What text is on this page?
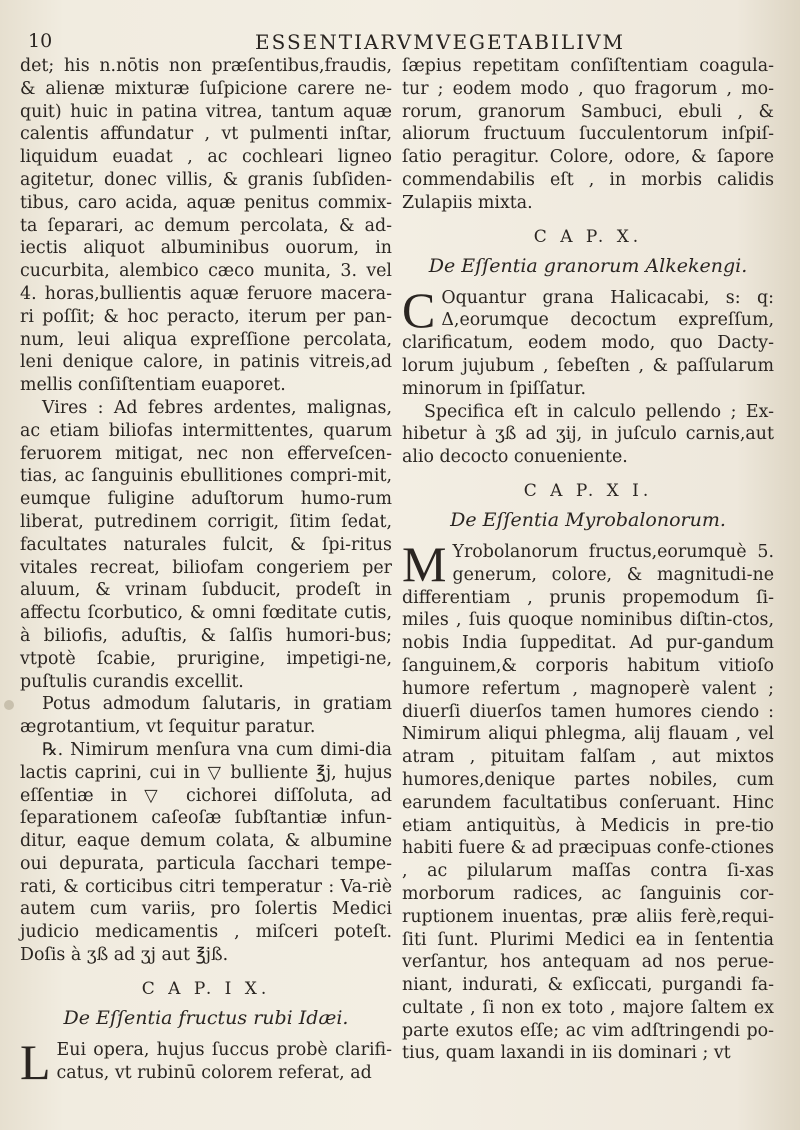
10	ESSENTIARVM VEGETABILIVM

det; his n.nōtis non præſentibus,fraudis, & alienæ mixturæ ſuſpicione carere ne-quit) huic in patina vitrea, tantum aquæ calentis affundatur , vt pulmenti inſtar, liquidum euadat , ac cochleari ligneo agitetur, donec villis, & granis ſubſiden-tibus, caro acida, aquæ penitus commix-ta ſeparari, ac demum percolata, & ad-iectis aliquot albuminibus ouorum, in cucurbita, alembico cæco munita, 3. vel 4. horas,bullientis aquæ feruore macera-ri poſſit; & hoc peracto, iterum per pan-num, leui aliqua expreſſione percolata, leni denique calore, in patinis vitreis,ad mellis conſiſtentiam euaporet.

Vires : Ad febres ardentes, malignas, ac etiam biliofas intermittentes, quarum feruorem mitigat, nec non efferveſcen-tias, ac ſanguinis ebullitiones compri-mit, eumque fuligine aduſtorum humo-rum liberat, putredinem corrigit, ſitim ſedat, facultates naturales fulcit, & ſpi-ritus vitales recreat, biliofam congeriem per aluum, & vrinam ſubducit, prodeſt in affectu ſcorbutico, & omni fœditate cutis, à biliofis, aduſtis, & ſalſis humori-bus; vtpotè ſcabie, prurigine, impetigi-ne, puſtulis curandis excellit.

Potus admodum ſalutaris, in gratiam ægrotantium, vt ſequitur paratur.

℞. Nimirum menſura vna cum dimi-dia lactis caprini, cui in ▽ bulliente ℥j, hujus eſſentiæ in ▽ cichorei diſſoluta, ad ſeparationem caſeoſæ ſubſtantiæ infun-ditur, eaque demum colata, & albumine oui depurata, particula ſacchari tempe-rati, & corticibus citri temperatur : Va-riè autem cum variis, pro ſolertis Medici judicio medicamentis , miſceri poteſt. Doſis à ʒß ad ʒj aut ℥jß.

C A P. I X.
De Eſſentia fructus rubi Idæi.

L Eui opera, hujus ſuccus probè clarifi-catus, vt rubinū colorem referat, ad

ſæpius repetitam conſiſtentiam coagula-tur ; eodem modo , quo fragorum , mo-rorum, granorum Sambuci, ebuli , & aliorum fructuum ſucculentorum inſpiſ-ſatio peragitur. Colore, odore, & ſapore commendabilis eſt , in morbis calidis Zulapiis mixta.

C A P. X.
De Eſſentia granorum Alkekengi.

C Oquantur grana Halicacabi, s: q: Δ,eorumque decoctum expreſſum, clarificatum, eodem modo, quo Dacty-lorum jujubum , ſebeſten , & paſſularum minorum in ſpiſſatur.

Specifica eſt in calculo pellendo ; Ex-hibetur à ʒß ad ʒij, in juſculo carnis,aut alio decocto conueniente.

C A P. X I.
De Eſſentia Myrobalonorum.

M Yrobolanorum fructus,eorumquè 5. generum, colore, & magnitudi-ne differentiam , prunis propemodum ſi-miles , ſuis quoque nominibus diſtin-ctos, nobis India ſuppeditat. Ad pur-gandum ſanguinem,& corporis habitum vitioſo humore refertum , magnoperè valent ; diuerſi diuerſos tamen humores ciendo : Nimirum aliqui phlegma, alij flauam , vel atram , pituitam falſam , aut mixtos humores,denique partes nobiles, cum earundem facultatibus conſeruant. Hinc etiam antiquitùs, à Medicis in pre-tio habiti fuere & ad præcipuas confe-ctiones , ac pilularum maſſas contra ſi-xas morborum radices, ac ſanguinis cor-ruptionem inuentas, præ aliis ferè,requi-ſiti ſunt. Plurimi Medici ea in ſententia verſantur, hos antequam ad nos perue-niant, indurati, & exſiccati, purgandi fa-cultate , ſi non ex toto , majore ſaltem ex parte exutos eſſe; ac vim adſtringendi po-tius, quam laxandi in iis dominari ; vt
